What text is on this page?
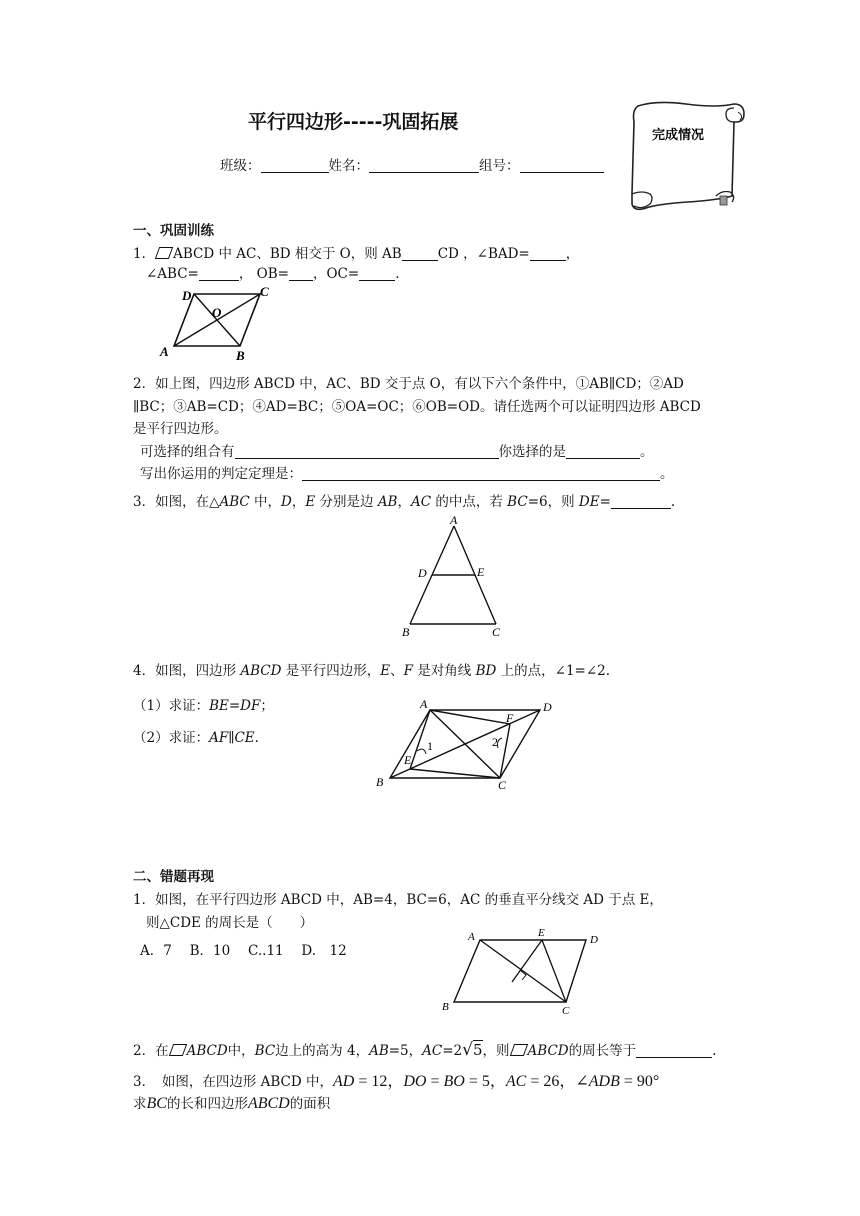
平行四边形-----巩固拓展
班级：	姓名：	组号：
完成情况
一、巩固训练
1． ABCD 中 AC、BD 相交于 O，则 AB	CD ，∠BAD=	，
∠ABC=	， OB= ，OC=	.
D	C
A	B
O
2．如上图，四边形 ABCD 中，AC、BD 交于点 O，有以下六个条件中，①AB∥CD；②AD
∥BC；③AB=CD；④AD=BC；⑤OA=OC；⑥OB=OD。请任选两个可以证明四边形 ABCD
是平行四边形。
可选择的组合有	你选择的是	。
写出你运用的判定定理是：	。
3．如图，在△ABC 中，D，E 分别是边 AB，AC 的中点，若 BC=6，则 DE=	.
A
D	E
B	C
4．如图，四边形 ABCD 是平行四边形，E、F 是对角线 BD 上的点，∠1=∠2.
（1）求证：BE=DF；
（2）求证：AF∥CE.
A	D
F
B	C
E
1	2
二、错题再现
1．如图，在平行四边形 ABCD 中，AB=4，BC=6，AC 的垂直平分线交 AD 于点 E，
则△CDE 的周长是（　　）
A．7　 B．10　 C..11　 D.　12
A	E
D
B	C
2．在 ABCD中，BC边上的高为 4，AB=5，AC=2√5，则 ABCD的周长等于	.
3．　如图，在四边形 ABCD 中，AD = 12，DO = BO = 5，AC = 26，∠ADB = 90°
求BC的长和四边形ABCD的面积
